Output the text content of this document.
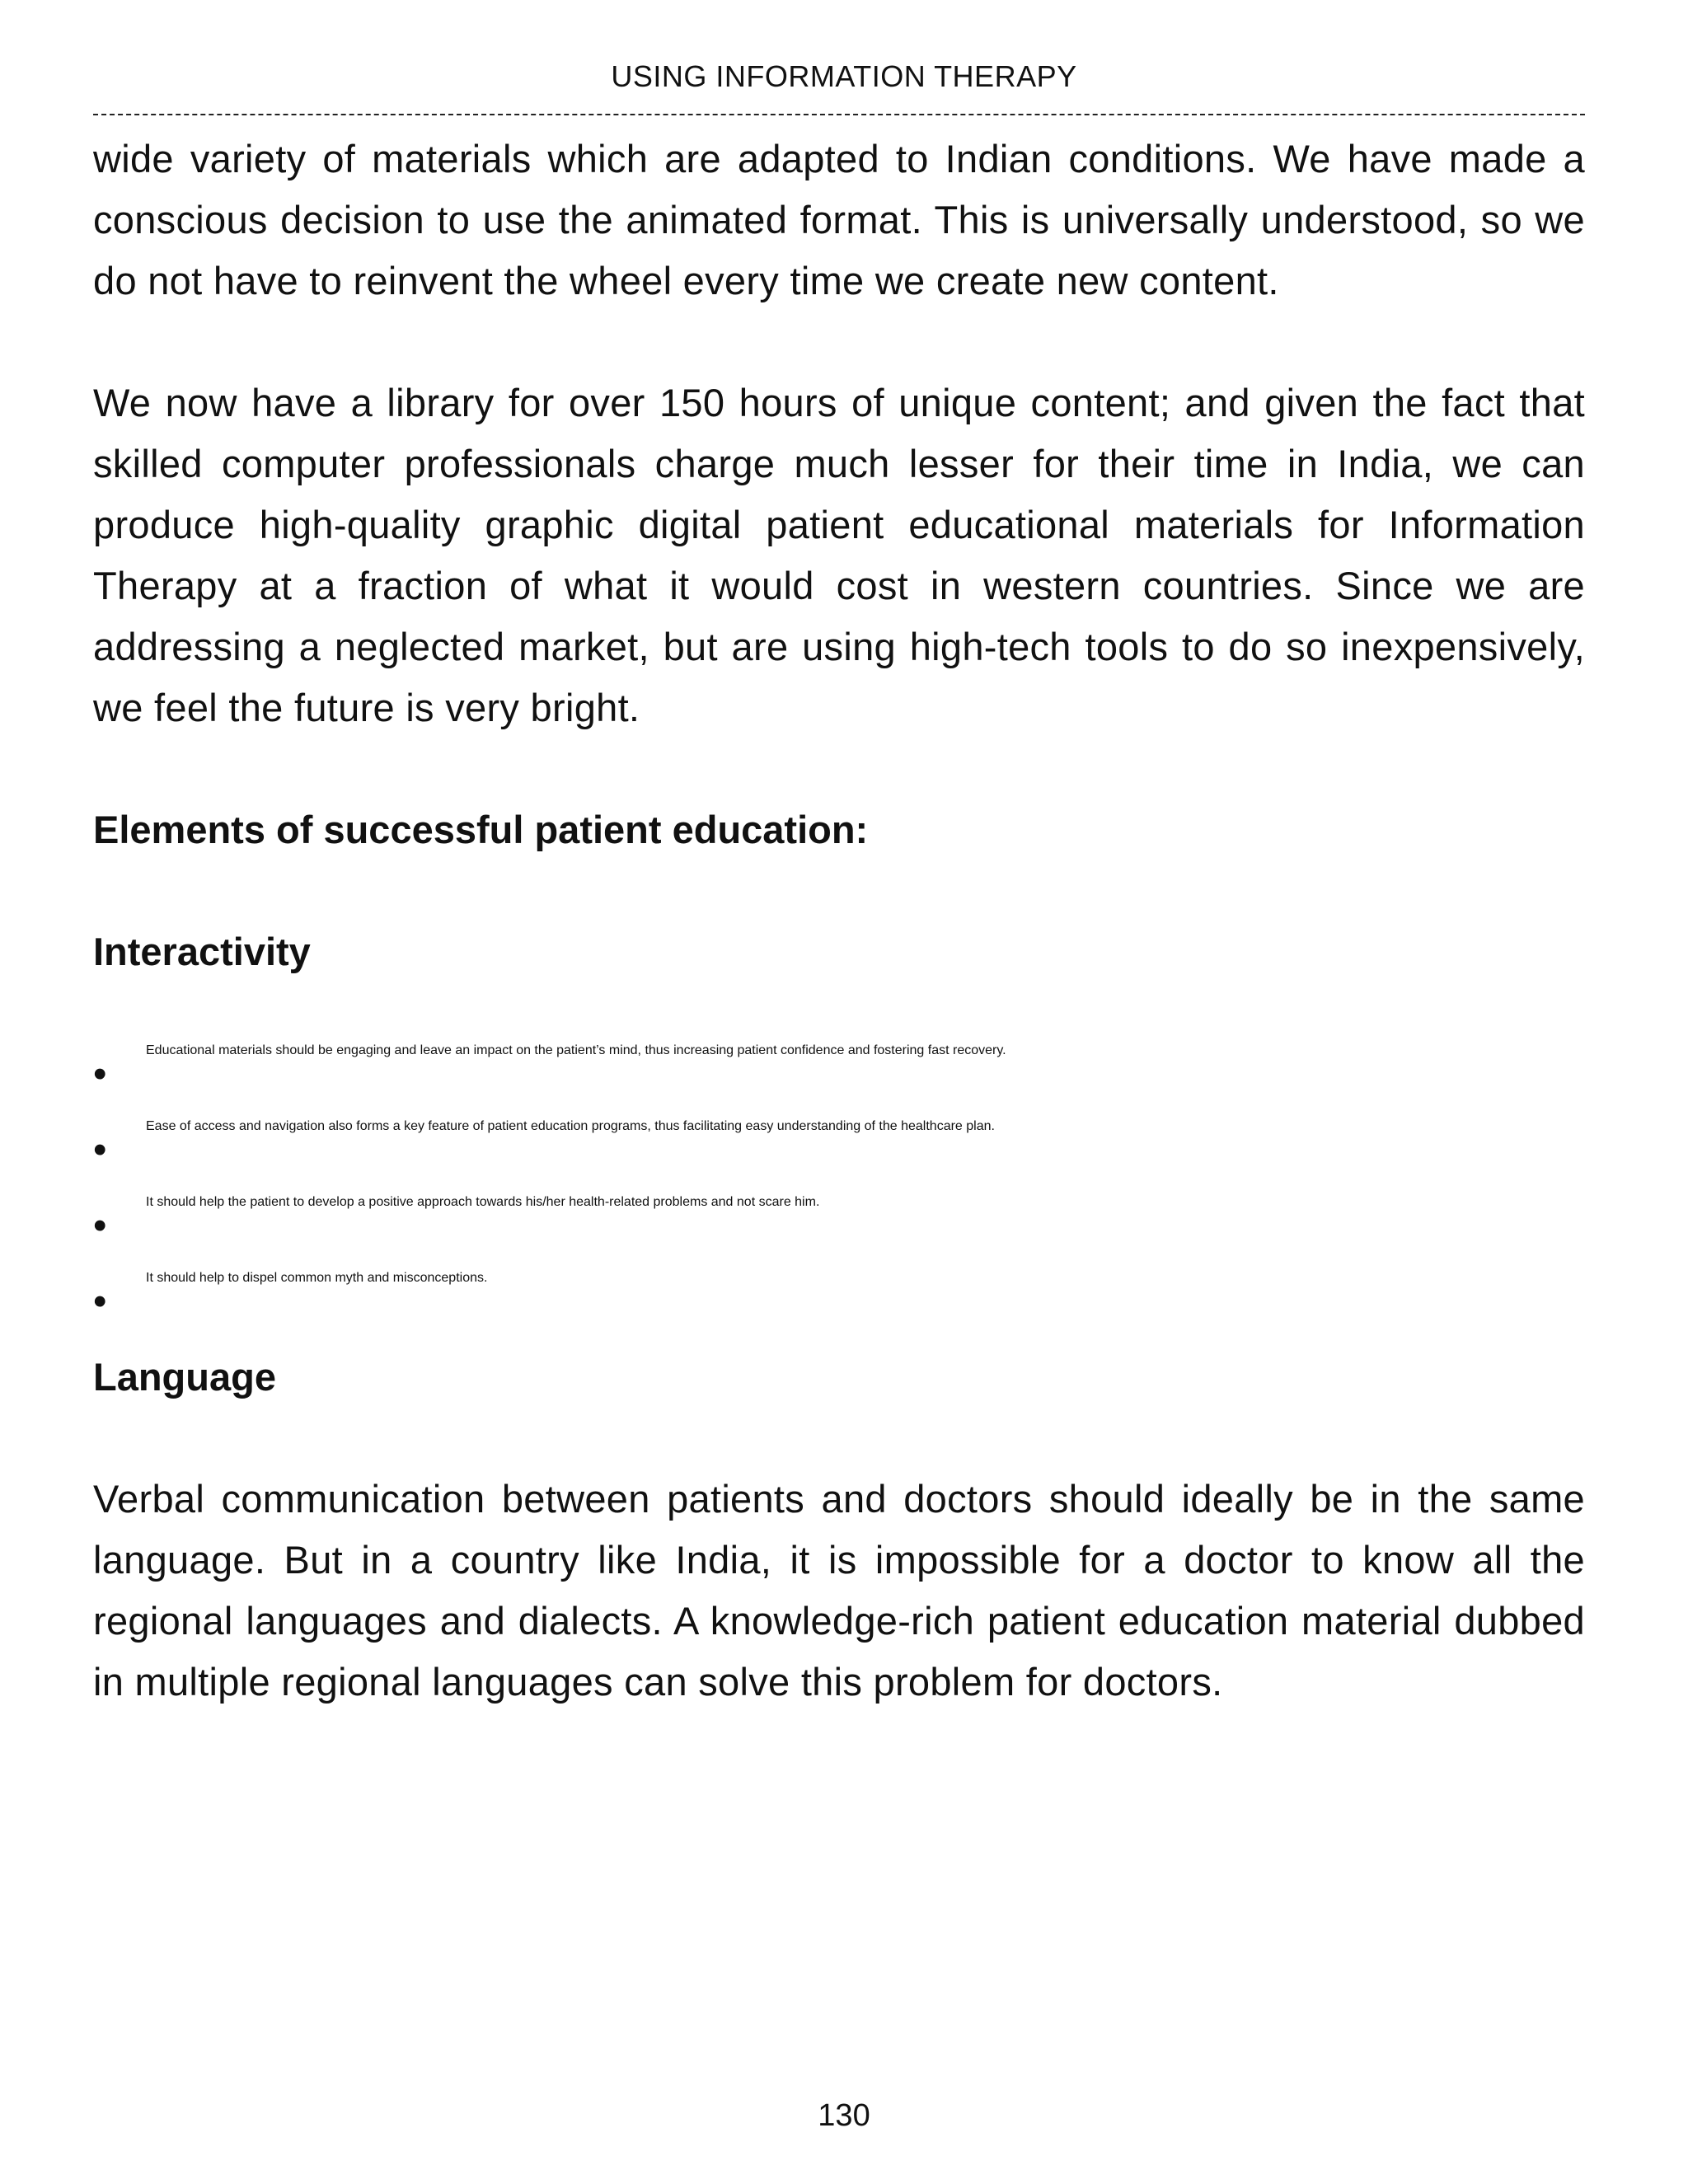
USING INFORMATION THERAPY

wide variety of materials which are adapted to Indian conditions. We have made a conscious decision to use the animated format. This is universally understood, so we do not have to reinvent the wheel every time we create new content.

We now have a library for over 150 hours of unique content; and given the fact that skilled computer professionals charge much lesser for their time in India, we can produce high-quality graphic digital patient educational materials for Information Therapy at a fraction of what it would cost in western countries. Since we are addressing a neglected market, but are using high-tech tools to do so inexpensively, we feel the future is very bright.

Elements of successful patient education:
Interactivity
•
Educational materials should be engaging and leave an impact on the patient’s mind, thus increasing patient confidence and fostering fast recovery.
•
Ease of access and navigation also forms a key feature of patient education programs, thus facilitating easy understanding of the healthcare plan.
•
It should help the patient to develop a positive approach towards his/her health-related problems and not scare him.
•
It should help to dispel common myth and misconceptions.
Language

Verbal communication between patients and doctors should ideally be in the same language. But in a country like India, it is impossible for a doctor to know all the regional languages and dialects. A knowledge-rich patient education material dubbed in multiple regional languages can solve this problem for doctors.

130
